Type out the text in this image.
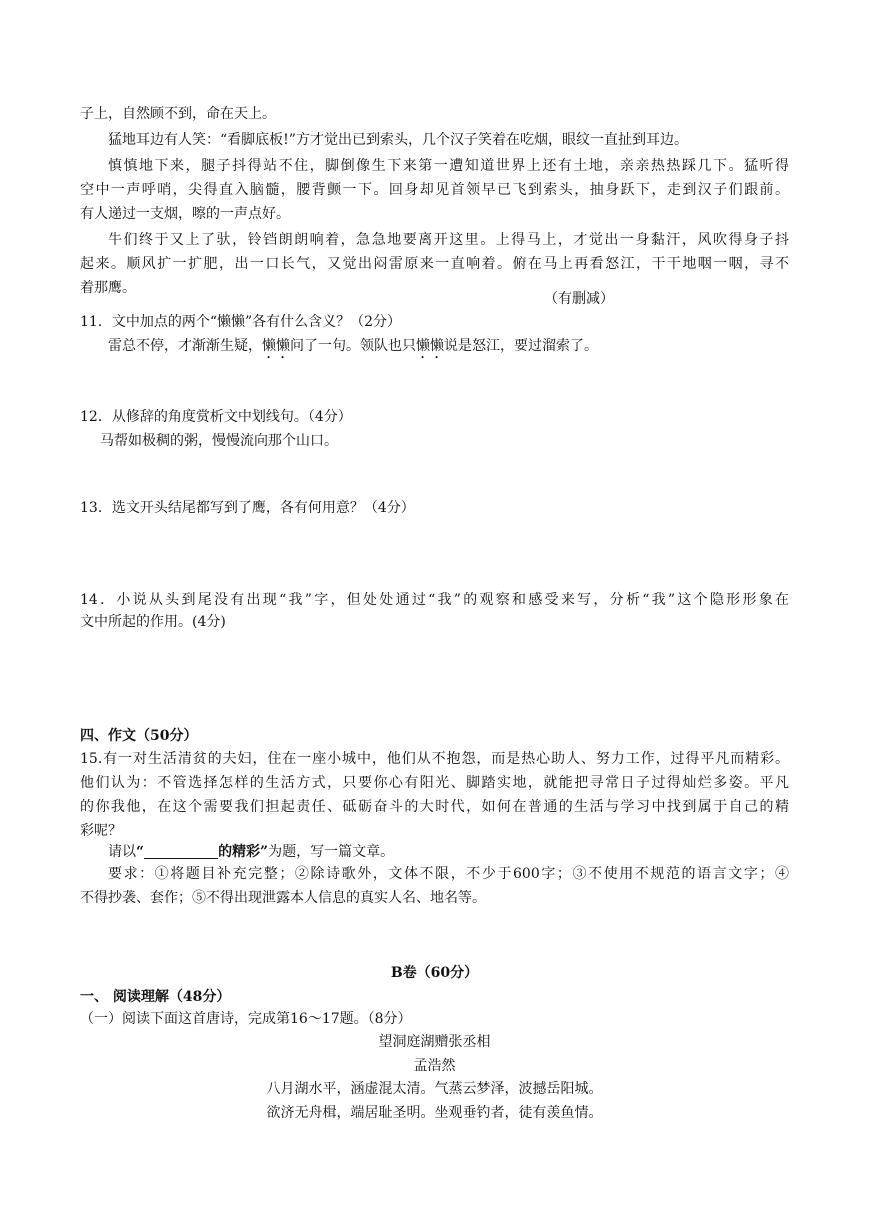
子上，自然顾不到，命在天上。
猛地耳边有人笑：“看脚底板!”方才觉出已到索头，几个汉子笑着在吃烟，眼纹一直扯到耳边。
慎慎地下来，腿子抖得站不住，脚倒像生下来第一遭知道世界上还有土地，亲亲热热踩几下。猛听得
空中一声呼哨，尖得直入脑髓，腰背颤一下。回身却见首领早已飞到索头，抽身跃下，走到汉子们跟前。
有人递过一支烟，嚓的一声点好。
牛们终于又上了驮，铃铛朗朗响着，急急地要离开这里。上得马上，才觉出一身黏汗，风吹得身子抖
起来。顺风扩一扩肥，出一口长气，又觉出闷雷原来一直响着。俯在马上再看怒江，干干地咽一咽，寻不
着那鹰。
（有删减）
11．文中加点的两个“懒懒”各有什么含义？（2分）
雷总不停，才渐渐生疑，懒懒问了一句。领队也只懒懒说是怒江，要过溜索了。
12．从修辞的角度赏析文中划线句。（4分）
马帮如极稠的粥，慢慢流向那个山口。
13．选文开头结尾都写到了鹰，各有何用意？（4分）
14．小说从头到尾没有出现“我”字，但处处通过“我”的观察和感受来写，分析“我”这个隐形形象在
文中所起的作用。(4分)
四、作文（50分）
15.有一对生活清贫的夫妇，住在一座小城中，他们从不抱怨，而是热心助人、努力工作，过得平凡而精彩。
他们认为：不管选择怎样的生活方式，只要你心有阳光、脚踏实地，就能把寻常日子过得灿烂多姿。平凡
的你我他，在这个需要我们担起责任、砥砺奋斗的大时代，如何在普通的生活与学习中找到属于自己的精
彩呢？
请以“	的精彩”为题，写一篇文章。
要求：①将题目补充完整；②除诗歌外，文体不限，不少于600字；③不使用不规范的语言文字；④
不得抄袭、套作；⑤不得出现泄露本人信息的真实人名、地名等。
B卷（60分）
一、 阅读理解（48分）
（一）阅读下面这首唐诗，完成第16～17题。（8分）
望洞庭湖赠张丞相
孟浩然
八月湖水平，涵虚混太清。气蒸云梦泽，波撼岳阳城。
欲济无舟楫，端居耻圣明。坐观垂钓者，徒有羡鱼情。
